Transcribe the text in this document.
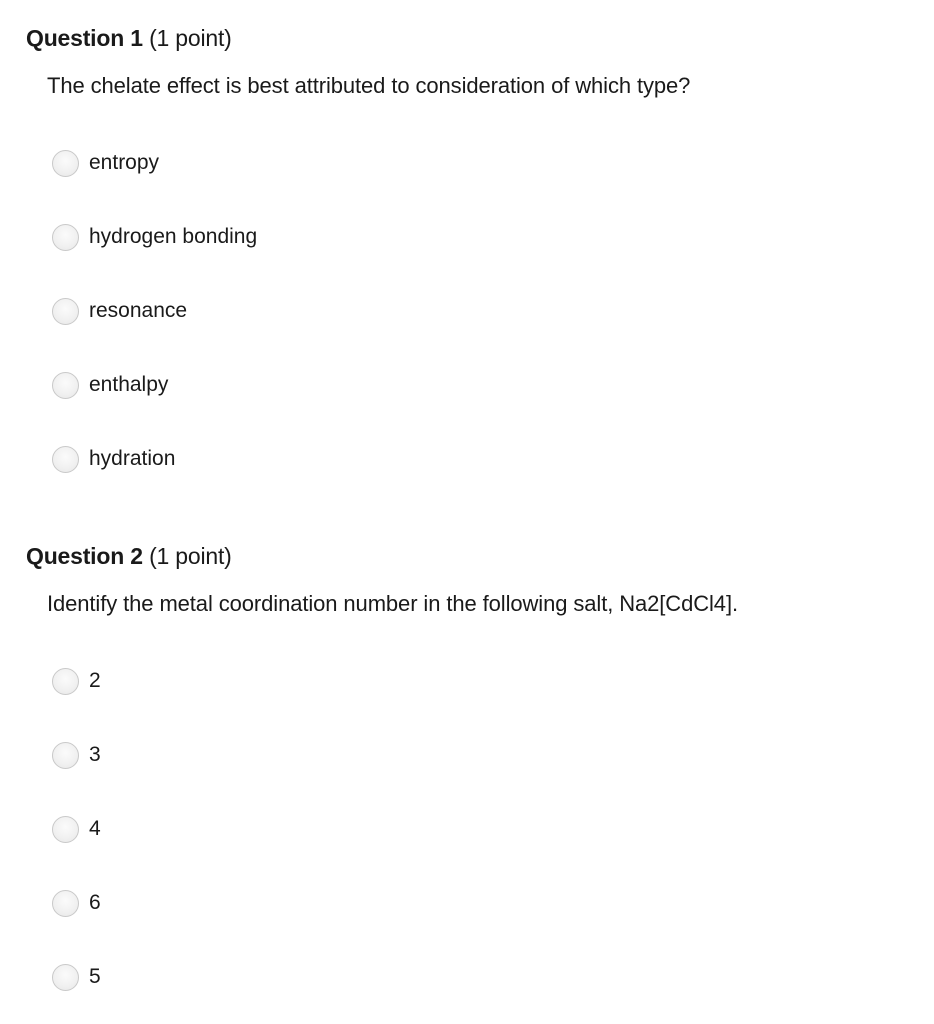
Question 1 (1 point)
The chelate effect is best attributed to consideration of which type?
entropy
hydrogen bonding
resonance
enthalpy
hydration
Question 2 (1 point)
Identify the metal coordination number in the following salt, Na2[CdCl4].
2
3
4
6
5
